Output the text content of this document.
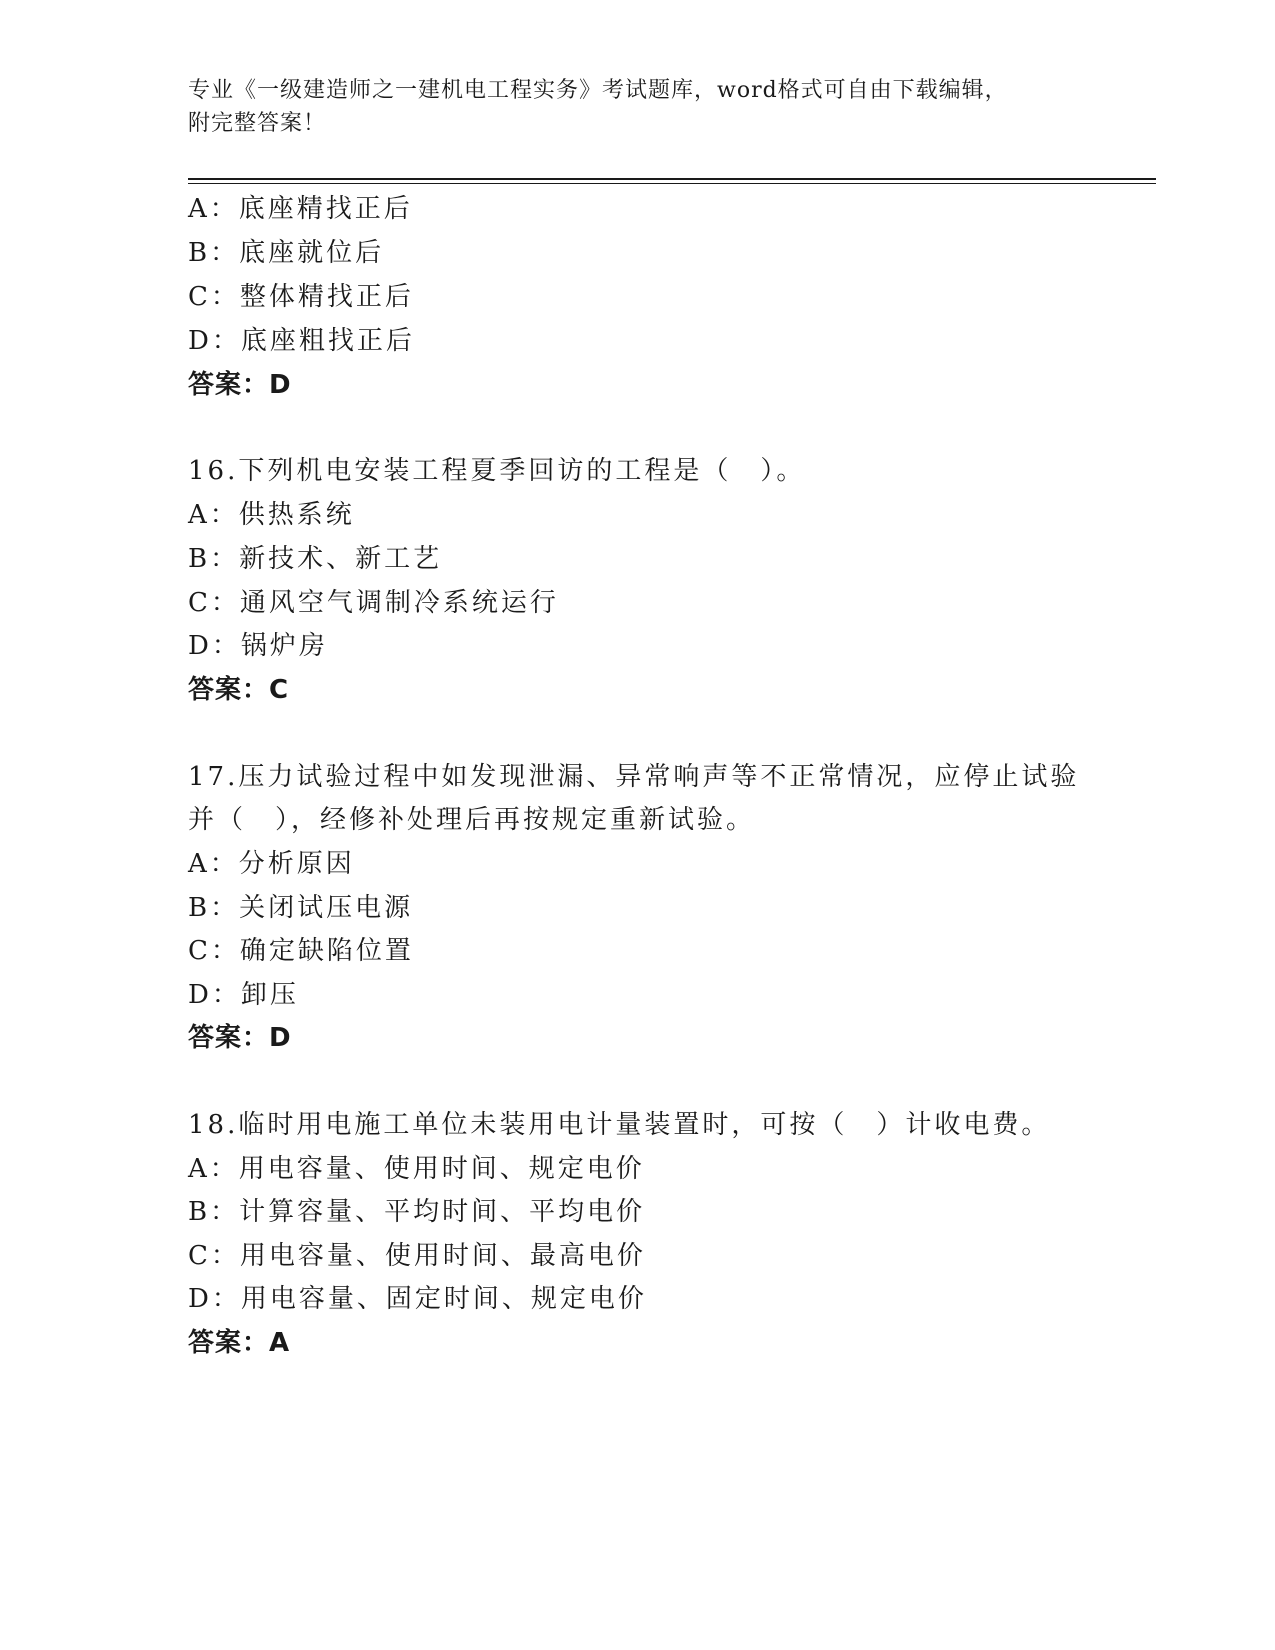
专业《一级建造师之一建机电工程实务》考试题库，word格式可自由下载编辑，
附完整答案！
A：底座精找正后
B：底座就位后
C：整体精找正后
D：底座粗找正后
答案：D
16.下列机电安装工程夏季回访的工程是（　）。
A：供热系统
B：新技术、新工艺
C：通风空气调制冷系统运行
D：锅炉房
答案：C
17.压力试验过程中如发现泄漏、异常响声等不正常情况，应停止试验
并（　），经修补处理后再按规定重新试验。
A：分析原因
B：关闭试压电源
C：确定缺陷位置
D：卸压
答案：D
18.临时用电施工单位未装用电计量装置时，可按（　）计收电费。
A：用电容量、使用时间、规定电价
B：计算容量、平均时间、平均电价
C：用电容量、使用时间、最高电价
D：用电容量、固定时间、规定电价
答案：A
